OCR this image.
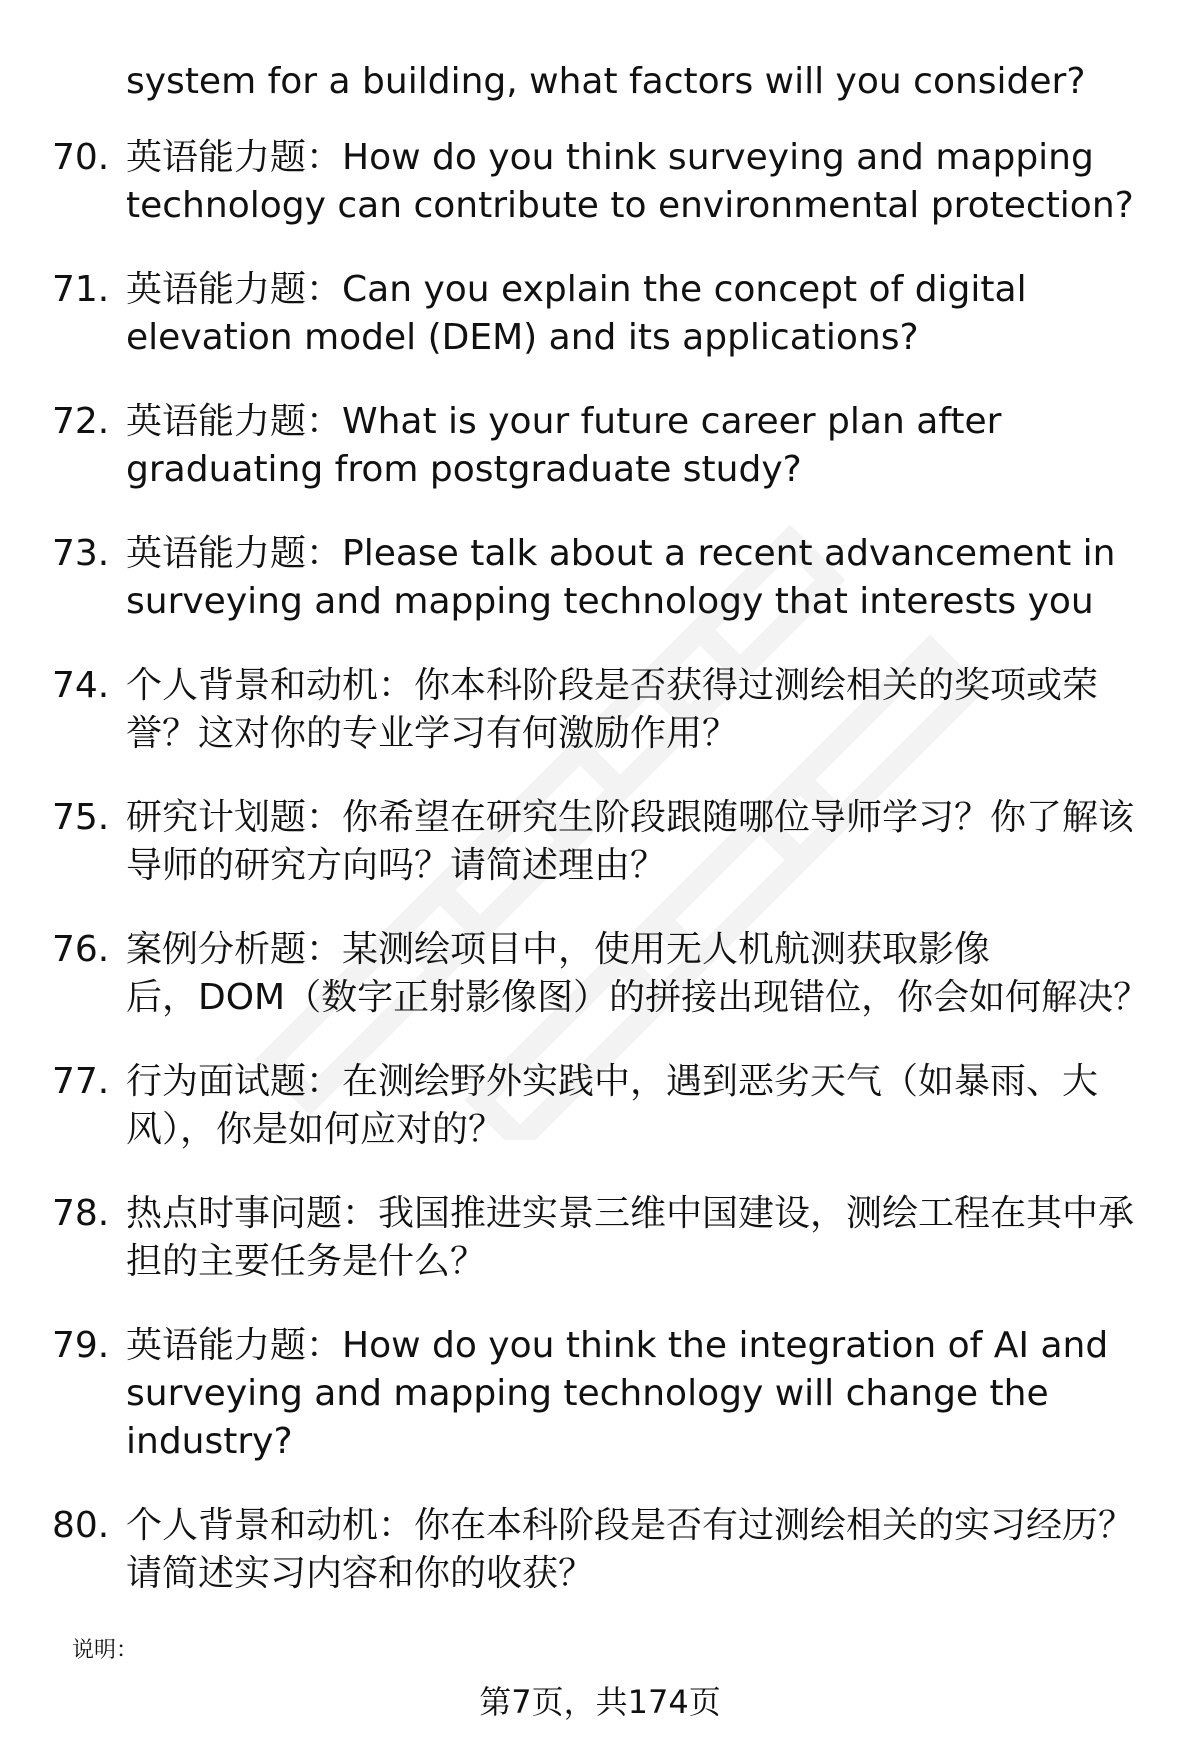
system for a building, what factors will you consider?
70. 英语能力题：How do you think surveying and mapping
technology can contribute to environmental protection?
71. 英语能力题：Can you explain the concept of digital
elevation model (DEM) and its applications?
72. 英语能力题：What is your future career plan after
graduating from postgraduate study?
73. 英语能力题：Please talk about a recent advancement in
surveying and mapping technology that interests you
74. 个人背景和动机：你本科阶段是否获得过测绘相关的奖项或荣
誉？这对你的专业学习有何激励作用？
75. 研究计划题：你希望在研究生阶段跟随哪位导师学习？你了解该
导师的研究方向吗？请简述理由？
76. 案例分析题：某测绘项目中，使用无人机航测获取影像
后，DOM（数字正射影像图）的拼接出现错位，你会如何解决？
77. 行为面试题：在测绘野外实践中，遇到恶劣天气（如暴雨、大
风），你是如何应对的？
78. 热点时事问题：我国推进实景三维中国建设，测绘工程在其中承
担的主要任务是什么？
79. 英语能力题：How do you think the integration of AI and
surveying and mapping technology will change the
industry?
80. 个人背景和动机：你在本科阶段是否有过测绘相关的实习经历？
请简述实习内容和你的收获？
说明：
第7页，共174页
